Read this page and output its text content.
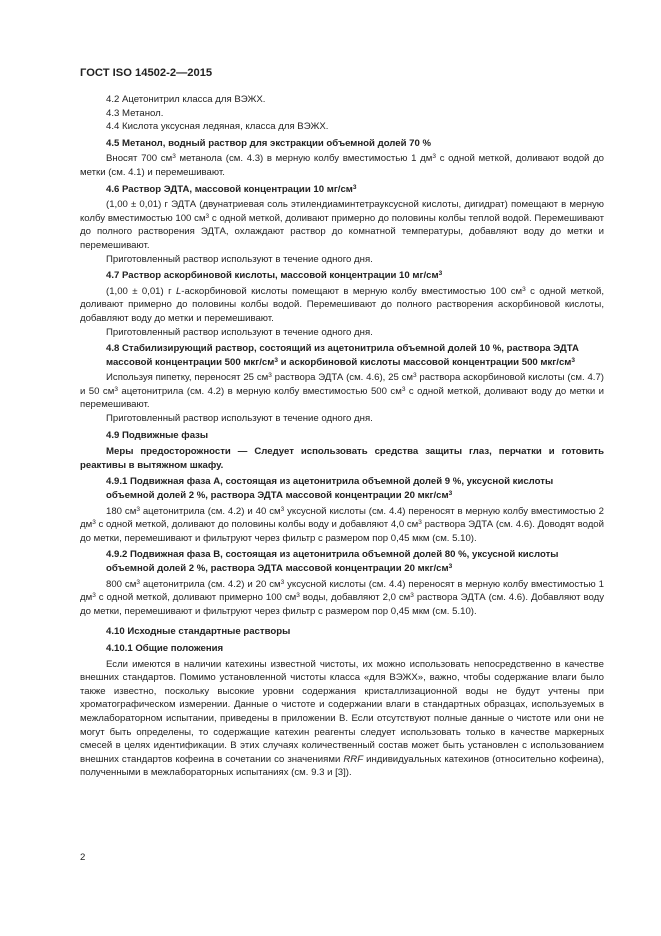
ГОСТ ISO 14502-2—2015

4.2 Ацетонитрил класса для ВЭЖХ.

4.3 Метанол.

4.4 Кислота уксусная ледяная, класса для ВЭЖХ.

4.5 Метанол, водный раствор для экстракции объемной долей 70 %

Вносят 700 $см^3$ метанола (см. 4.3) в мерную колбу вместимостью 1 $дм^3$ с одной меткой, доливают водой до метки (см. 4.1) и перемешивают.

4.6 Раствор ЭДТА, массовой концентрации 10 $мг/см^3$

(1,00 ± 0,01) г ЭДТА (двунатриевая соль этилендиаминтетрауксусной кислоты, дигидрат) помещают в мерную колбу вместимостью 100 $см^3$ с одной меткой, доливают примерно до половины колбы теплой водой. Перемешивают до полного растворения ЭДТА, охлаждают раствор до комнатной температуры, добавляют воду до метки и перемешивают.

Приготовленный раствор используют в течение одного дня.

4.7 Раствор аскорбиновой кислоты, массовой концентрации 10 $мг/см^3$

(1,00 ± 0,01) г L-аскорбиновой кислоты помещают в мерную колбу вместимостью 100 $см^3$ с одной меткой, доливают примерно до половины колбы водой. Перемешивают до полного растворения аскорбиновой кислоты, добавляют воду до метки и перемешивают.

Приготовленный раствор используют в течение одного дня.

4.8 Стабилизирующий раствор, состоящий из ацетонитрила объемной долей 10 %, раствора ЭДТА массовой концентрации 500 мкг/$см^3$ и аскорбиновой кислоты массовой концентрации 500 мкг/$см^3$

Используя пипетку, переносят 25 $см^3$ раствора ЭДТА (см. 4.6), 25 $см^3$ раствора аскорбиновой кислоты (см. 4.7) и 50 $см^3$ ацетонитрила (см. 4.2) в мерную колбу вместимостью 500 $см^3$ с одной меткой, доливают воду до метки и перемешивают.

Приготовленный раствор используют в течение одного дня.

4.9 Подвижные фазы

Меры предосторожности — Следует использовать средства защиты глаз, перчатки и готовить реактивы в вытяжном шкафу.

4.9.1 Подвижная фаза А, состоящая из ацетонитрила объемной долей 9 %, уксусной кислоты объемной долей 2 %, раствора ЭДТА массовой концентрации 20 мкг/$см^3$

180 $см^3$ ацетонитрила (см. 4.2) и 40 $см^3$ уксусной кислоты (см. 4.4) переносят в мерную колбу вместимостью 2 $дм^3$ с одной меткой, доливают до половины колбы воду и добавляют 4,0 $см^3$ раствора ЭДТА (см. 4.6). Доводят водой до метки, перемешивают и фильтруют через фильтр с размером пор 0,45 мкм (см. 5.10).

4.9.2 Подвижная фаза В, состоящая из ацетонитрила объемной долей 80 %, уксусной кислоты объемной долей 2 %, раствора ЭДТА массовой концентрации 20 мкг/$см^3$

800 $см^3$ ацетонитрила (см. 4.2) и 20 $см^3$ уксусной кислоты (см. 4.4) переносят в мерную колбу вместимостью 1 $дм^3$ с одной меткой, доливают примерно 100 $см^3$ воды, добавляют 2,0 $см^3$ раствора ЭДТА (см. 4.6). Добавляют воду до метки, перемешивают и фильтруют через фильтр с размером пор 0,45 мкм (см. 5.10).

4.10 Исходные стандартные растворы

4.10.1 Общие положения

Если имеются в наличии катехины известной чистоты, их можно использовать непосредственно в качестве внешних стандартов. Помимо установленной чистоты класса «для ВЭЖХ», важно, чтобы содержание влаги было также известно, поскольку высокие уровни содержания кристаллизационной воды не будут учтены при хроматографическом измерении. Данные о чистоте и содержании влаги в стандартных образцах, используемых в межлабораторном испытании, приведены в приложении В. Если отсутствуют полные данные о чистоте или они не могут быть определены, то содержащие катехин реагенты следует использовать только в качестве маркерных смесей в целях идентификации. В этих случаях количественный состав может быть установлен с использованием внешних стандартов кофеина в сочетании со значениями RRF индивидуальных катехинов (относительно кофеина), полученными в межлабораторных испытаниях (см. 9.3 и [3]).

2
